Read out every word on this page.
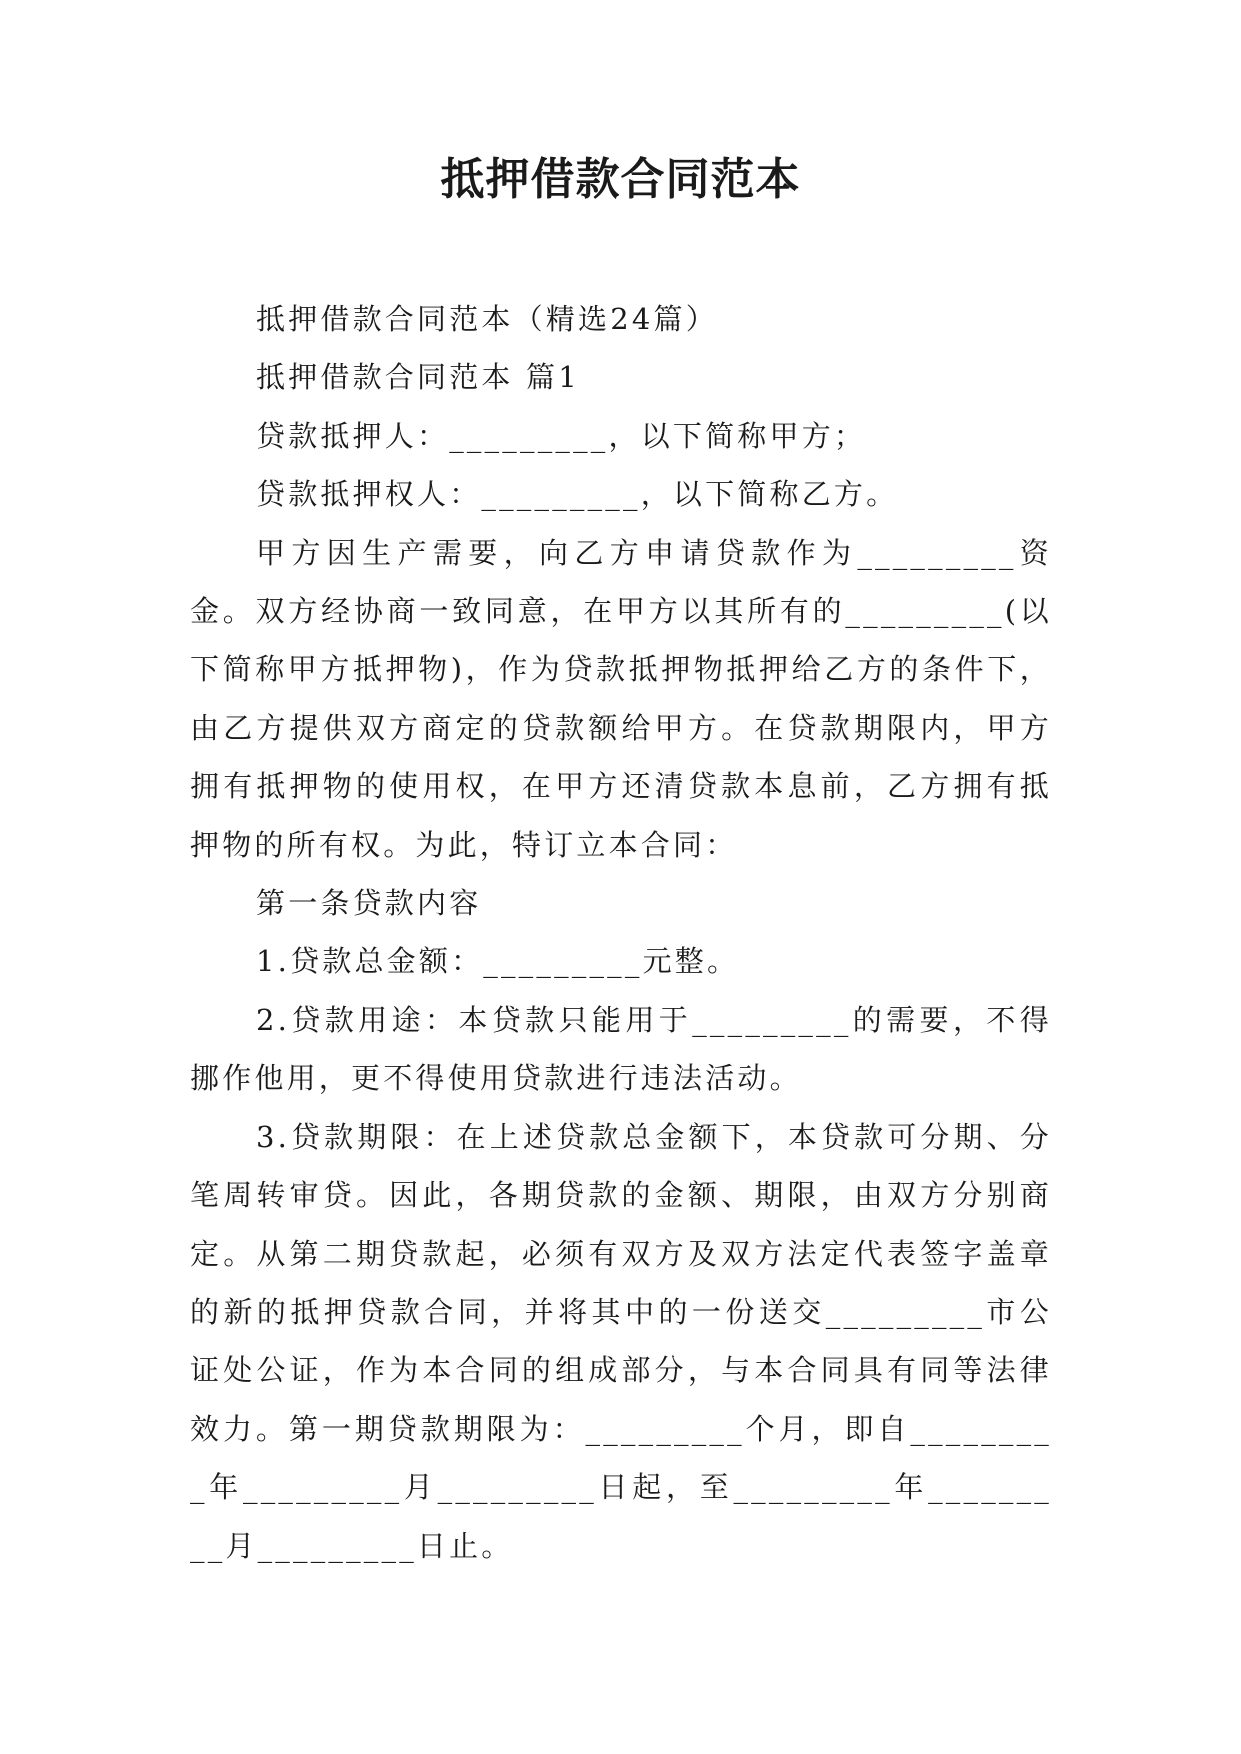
抵押借款合同范本

抵押借款合同范本（精选24篇）

抵押借款合同范本 篇1

贷款抵押人：_________，以下简称甲方；

贷款抵押权人：_________，以下简称乙方。

甲方因生产需要，向乙方申请贷款作为_________资金。双方经协商一致同意，在甲方以其所有的_________(以下简称甲方抵押物)，作为贷款抵押物抵押给乙方的条件下，由乙方提供双方商定的贷款额给甲方。在贷款期限内，甲方拥有抵押物的使用权，在甲方还清贷款本息前，乙方拥有抵押物的所有权。为此，特订立本合同：

第一条贷款内容

1.贷款总金额：_________元整。

2.贷款用途：本贷款只能用于_________的需要，不得挪作他用，更不得使用贷款进行违法活动。

3.贷款期限：在上述贷款总金额下，本贷款可分期、分笔周转审贷。因此，各期贷款的金额、期限，由双方分别商定。从第二期贷款起，必须有双方及双方法定代表签字盖章的新的抵押贷款合同，并将其中的一份送交_________市公证处公证，作为本合同的组成部分，与本合同具有同等法律效力。第一期贷款期限为：_________个月，即自_________年_________月_________日起，至_________年_________月_________日止。
